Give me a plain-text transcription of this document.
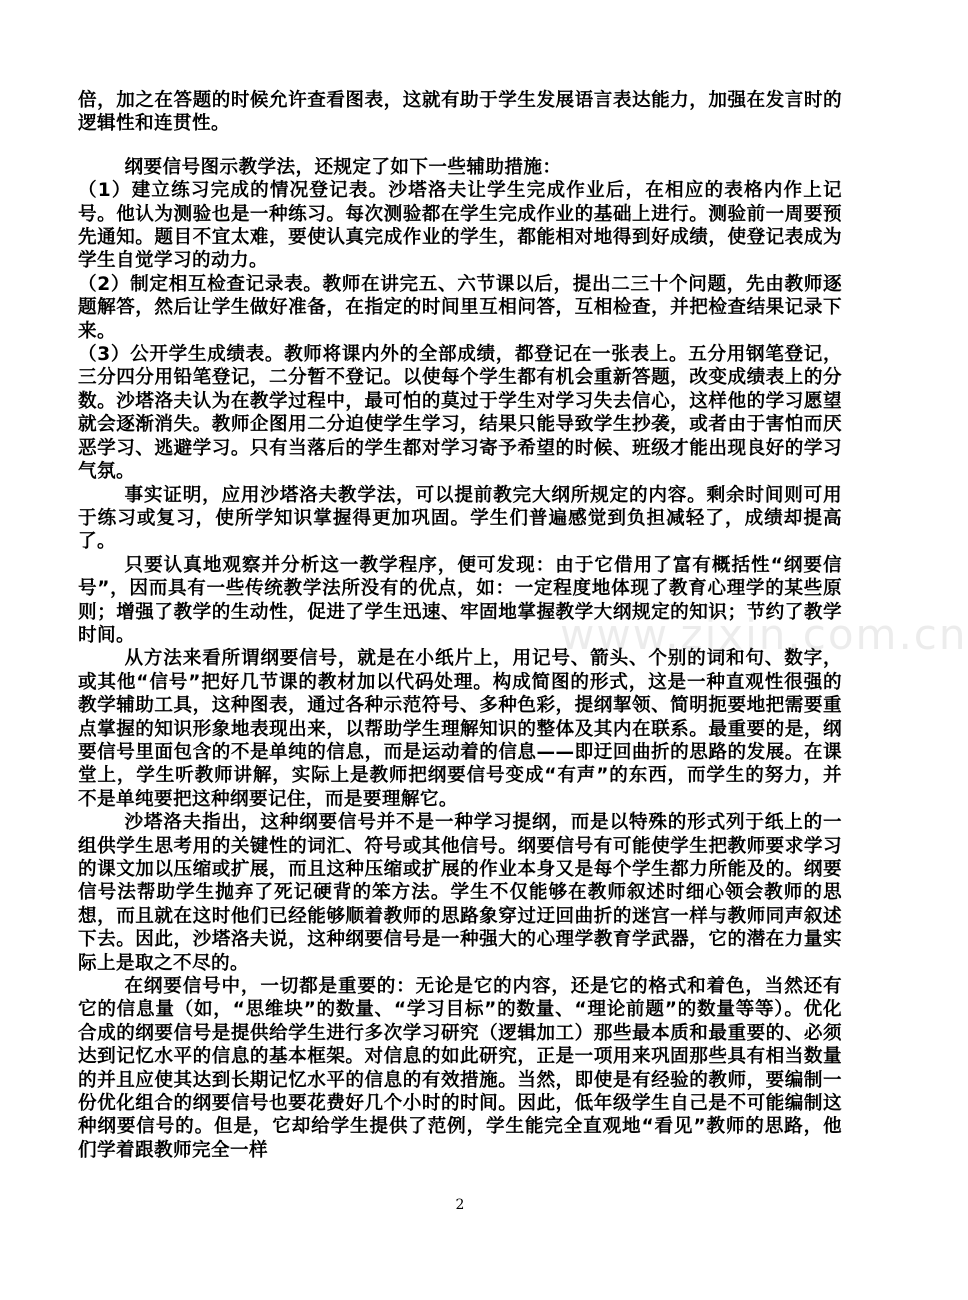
倍，加之在答题的时候允许查看图表，这就有助于学生发展语言表达能力，加强在发言时的逻辑性和连贯性。

纲要信号图示教学法，还规定了如下一些辅助措施：

（1）建立练习完成的情况登记表。沙塔洛夫让学生完成作业后，在相应的表格内作上记号。他认为测验也是一种练习。每次测验都在学生完成作业的基础上进行。测验前一周要预先通知。题目不宜太难，要使认真完成作业的学生，都能相对地得到好成绩，使登记表成为学生自觉学习的动力。

（2）制定相互检查记录表。教师在讲完五、六节课以后，提出二三十个问题，先由教师逐题解答，然后让学生做好准备，在指定的时间里互相问答，互相检查，并把检查结果记录下来。

（3）公开学生成绩表。教师将课内外的全部成绩，都登记在一张表上。五分用钢笔登记，三分四分用铅笔登记，二分暂不登记。以使每个学生都有机会重新答题，改变成绩表上的分数。沙塔洛夫认为在教学过程中，最可怕的莫过于学生对学习失去信心，这样他的学习愿望就会逐渐消失。教师企图用二分迫使学生学习，结果只能导致学生抄袭，或者由于害怕而厌恶学习、逃避学习。只有当落后的学生都对学习寄予希望的时候、班级才能出现良好的学习气氛。

事实证明，应用沙塔洛夫教学法，可以提前教完大纲所规定的内容。剩余时间则可用于练习或复习，使所学知识掌握得更加巩固。学生们普遍感觉到负担减轻了，成绩却提高了。

只要认真地观察并分析这一教学程序，便可发现：由于它借用了富有概括性“纲要信号”，因而具有一些传统教学法所没有的优点，如：一定程度地体现了教育心理学的某些原则；增强了教学的生动性，促进了学生迅速、牢固地掌握教学大纲规定的知识；节约了教学时间。

从方法来看所谓纲要信号，就是在小纸片上，用记号、箭头、个别的词和句、数字，或其他“信号”把好几节课的教材加以代码处理。构成简图的形式，这是一种直观性很强的教学辅助工具，这种图表，通过各种示范符号、多种色彩，提纲挈领、简明扼要地把需要重点掌握的知识形象地表现出来，以帮助学生理解知识的整体及其内在联系。最重要的是，纲要信号里面包含的不是单纯的信息，而是运动着的信息——即迂回曲折的思路的发展。在课堂上，学生听教师讲解，实际上是教师把纲要信号变成“有声”的东西，而学生的努力，并不是单纯要把这种纲要记住，而是要理解它。

沙塔洛夫指出，这种纲要信号并不是一种学习提纲，而是以特殊的形式列于纸上的一组供学生思考用的关键性的词汇、符号或其他信号。纲要信号有可能使学生把教师要求学习的课文加以压缩或扩展，而且这种压缩或扩展的作业本身又是每个学生都力所能及的。纲要信号法帮助学生抛弃了死记硬背的笨方法。学生不仅能够在教师叙述时细心领会教师的思想，而且就在这时他们已经能够顺着教师的思路象穿过迂回曲折的迷宫一样与教师同声叙述下去。因此，沙塔洛夫说，这种纲要信号是一种强大的心理学教育学武器，它的潜在力量实际上是取之不尽的。

在纲要信号中，一切都是重要的：无论是它的内容，还是它的格式和着色，当然还有它的信息量（如，“思维块”的数量、“学习目标”的数量、“理论前题”的数量等等）。优化合成的纲要信号是提供给学生进行多次学习研究（逻辑加工）那些最本质和最重要的、必须达到记忆水平的信息的基本框架。对信息的如此研究，正是一项用来巩固那些具有相当数量的并且应使其达到长期记忆水平的信息的有效措施。当然，即使是有经验的教师，要编制一份优化组合的纲要信号也要花费好几个小时的时间。因此，低年级学生自己是不可能编制这种纲要信号的。但是，它却给学生提供了范例，学生能完全直观地“看见”教师的思路，他们学着跟教师完全一样

www.zixin.com.cn
2
